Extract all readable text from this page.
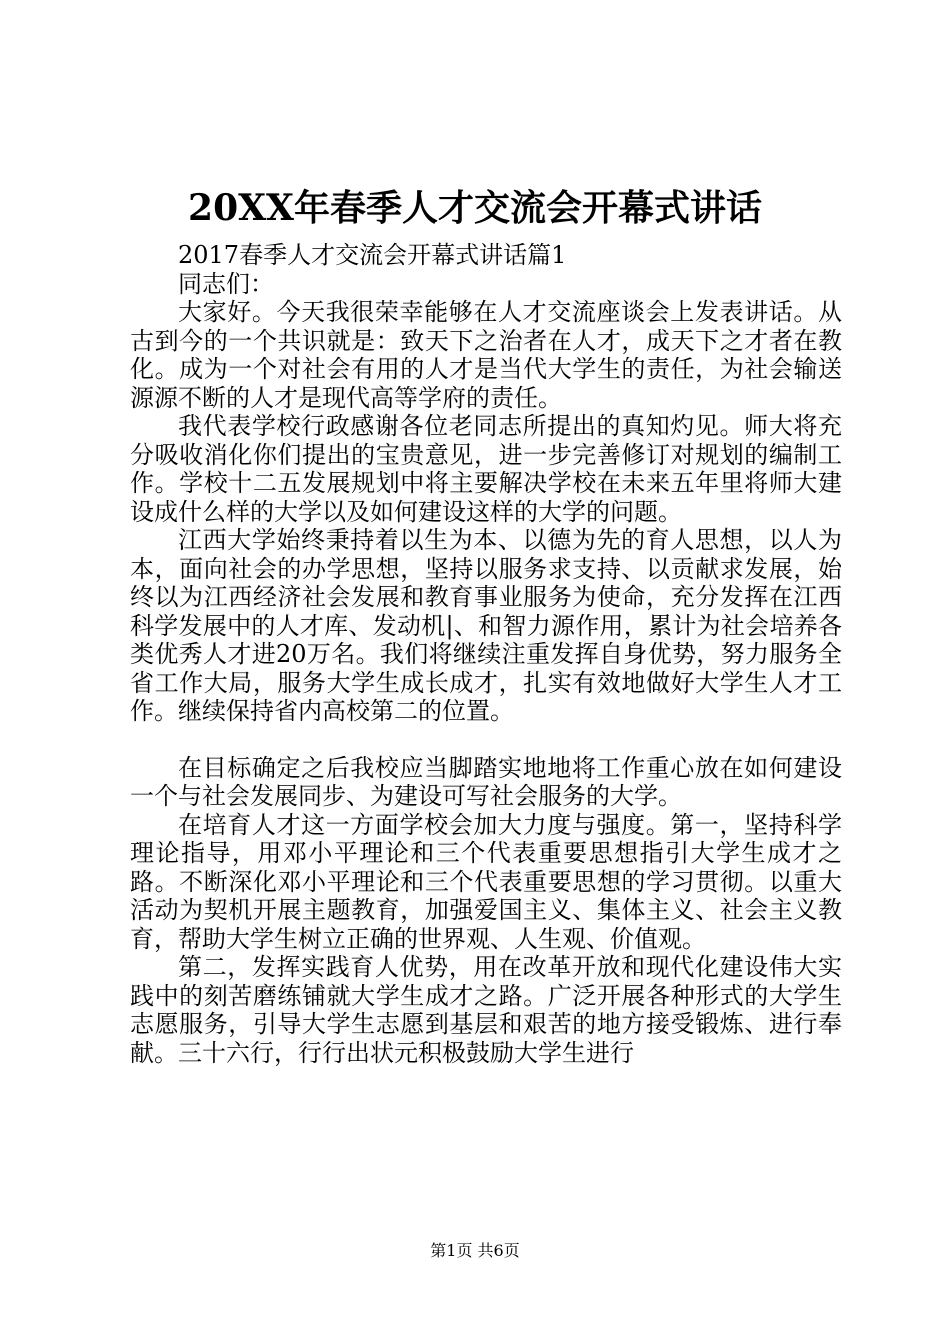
20XX年春季人才交流会开幕式讲话

2017春季人才交流会开幕式讲话篇1

同志们：

大家好。今天我很荣幸能够在人才交流座谈会上发表讲话。从古到今的一个共识就是：致天下之治者在人才，成天下之才者在教化。成为一个对社会有用的人才是当代大学生的责任，为社会输送源源不断的人才是现代高等学府的责任。

我代表学校行政感谢各位老同志所提出的真知灼见。师大将充分吸收消化你们提出的宝贵意见，进一步完善修订对规划的编制工作。学校十二五发展规划中将主要解决学校在未来五年里将师大建设成什么样的大学以及如何建设这样的大学的问题。

江西大学始终秉持着以生为本、以德为先的育人思想，以人为本，面向社会的办学思想，坚持以服务求支持、以贡献求发展，始终以为江西经济社会发展和教育事业服务为使命，充分发挥在江西科学发展中的人才库、发动机|、和智力源作用，累计为社会培养各类优秀人才进20万名。我们将继续注重发挥自身优势，努力服务全省工作大局，服务大学生成长成才，扎实有效地做好大学生人才工作。继续保持省内高校第二的位置。

在目标确定之后我校应当脚踏实地地将工作重心放在如何建设一个与社会发展同步、为建设可写社会服务的大学。

在培育人才这一方面学校会加大力度与强度。第一，坚持科学理论指导，用邓小平理论和三个代表重要思想指引大学生成才之路。不断深化邓小平理论和三个代表重要思想的学习贯彻。以重大活动为契机开展主题教育，加强爱国主义、集体主义、社会主义教育，帮助大学生树立正确的世界观、人生观、价值观。

第二，发挥实践育人优势，用在改革开放和现代化建设伟大实践中的刻苦磨练铺就大学生成才之路。广泛开展各种形式的大学生志愿服务，引导大学生志愿到基层和艰苦的地方接受锻炼、进行奉献。三十六行，行行出状元积极鼓励大学生进行

第1页 共6页
